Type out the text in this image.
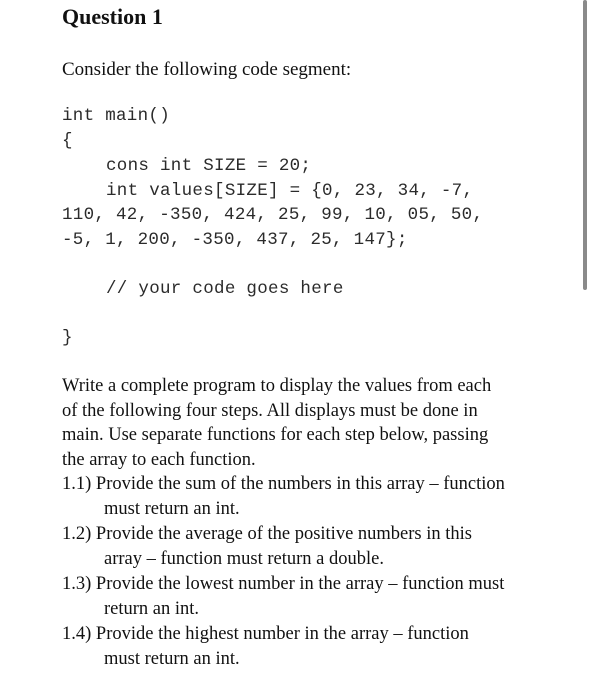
Question 1
Consider the following code segment:
int main()
{
cons int SIZE = 20;
int values[SIZE] = {0, 23, 34, -7,
110, 42, -350, 424, 25, 99, 10, 05, 50,
-5, 1, 200, -350, 437, 25, 147};
// your code goes here
}
Write a complete program to display the values from each
of the following four steps. All displays must be done in
main. Use separate functions for each step below, passing
the array to each function.
1.1) Provide the sum of the numbers in this array – function
must return an int.
1.2) Provide the average of the positive numbers in this
array – function must return a double.
1.3) Provide the lowest number in the array – function must
return an int.
1.4) Provide the highest number in the array – function
must return an int.
